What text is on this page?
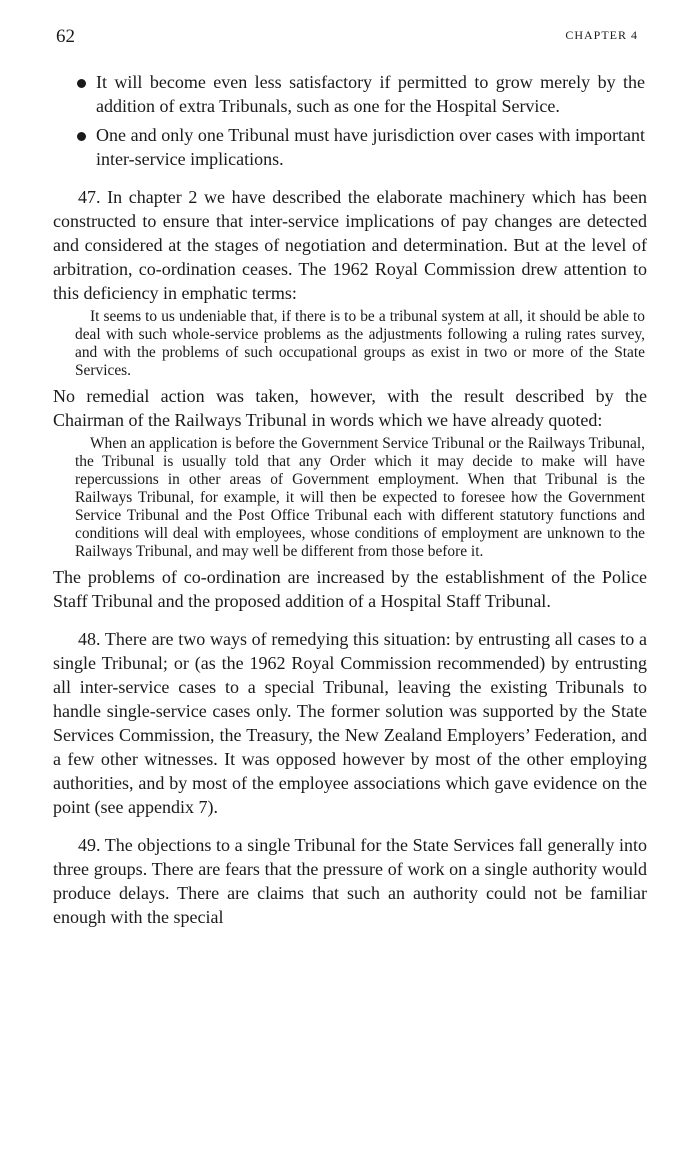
62	CHAPTER 4
It will become even less satisfactory if permitted to grow merely by the addition of extra Tribunals, such as one for the Hospital Service.
One and only one Tribunal must have jurisdiction over cases with important inter-service implications.

47. In chapter 2 we have described the elaborate machinery which has been constructed to ensure that inter-service implications of pay changes are detected and considered at the stages of negotiation and determination. But at the level of arbitration, co-ordination ceases. The 1962 Royal Commission drew attention to this deficiency in emphatic terms:

It seems to us undeniable that, if there is to be a tribunal system at all, it should be able to deal with such whole-service problems as the adjustments following a ruling rates survey, and with the problems of such occupational groups as exist in two or more of the State Services.

No remedial action was taken, however, with the result described by the Chairman of the Railways Tribunal in words which we have already quoted:

When an application is before the Government Service Tribunal or the Railways Tribunal, the Tribunal is usually told that any Order which it may decide to make will have repercussions in other areas of Government employment. When that Tribunal is the Railways Tribunal, for example, it will then be expected to foresee how the Government Service Tribunal and the Post Office Tribunal each with different statutory functions and conditions will deal with employees, whose conditions of employment are unknown to the Railways Tribunal, and may well be different from those before it.

The problems of co-ordination are increased by the establishment of the Police Staff Tribunal and the proposed addition of a Hospital Staff Tribunal.

48. There are two ways of remedying this situation: by entrusting all cases to a single Tribunal; or (as the 1962 Royal Commission recommended) by entrusting all inter-service cases to a special Tribunal, leaving the existing Tribunals to handle single-service cases only. The former solution was supported by the State Services Commission, the Treasury, the New Zealand Employers’ Federation, and a few other witnesses. It was opposed however by most of the other employing authorities, and by most of the employee associations which gave evidence on the point (see appendix 7).

49. The objections to a single Tribunal for the State Services fall generally into three groups. There are fears that the pressure of work on a single authority would produce delays. There are claims that such an authority could not be familiar enough with the special
